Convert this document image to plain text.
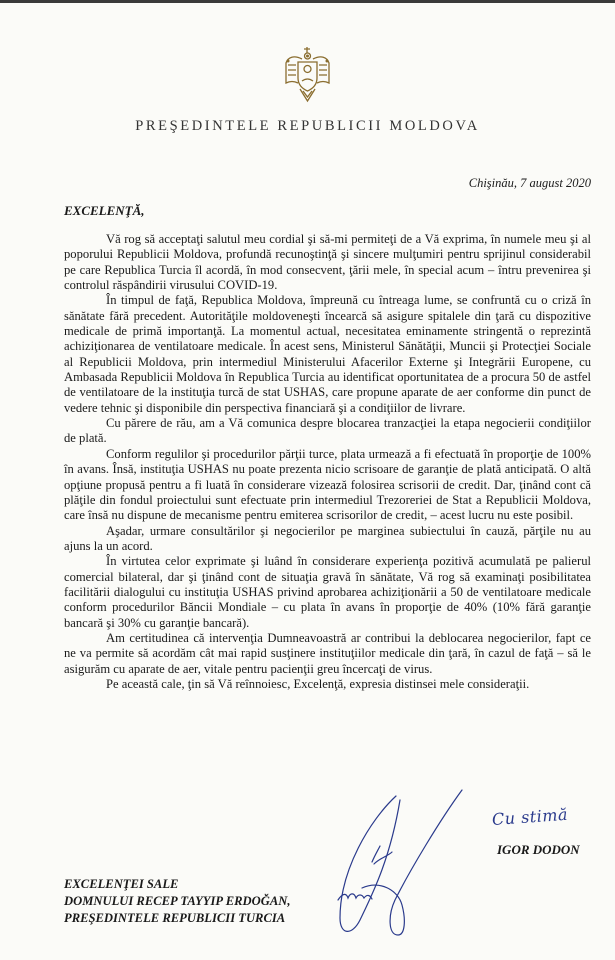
PREŞEDINTELE REPUBLICII MOLDOVA
Chişinău, 7 august 2020
EXCELENŢĂ,

Vă rog să acceptaţi salutul meu cordial şi să-mi permiteţi de a Vă exprima, în numele meu şi al poporului Republicii Moldova, profundă recunoştinţă şi sincere mulţumiri pentru sprijinul considerabil pe care Republica Turcia îl acordă, în mod consecvent, ţării mele, în special acum – întru prevenirea şi controlul răspândirii virusului COVID-19.

În timpul de faţă, Republica Moldova, împreună cu întreaga lume, se confruntă cu o criză în sănătate fără precedent. Autorităţile moldoveneşti încearcă să asigure spitalele din ţară cu dispozitive medicale de primă importanţă. La momentul actual, necesitatea eminamente stringentă o reprezintă achiziţionarea de ventilatoare medicale. În acest sens, Ministerul Sănătăţii, Muncii şi Protecţiei Sociale al Republicii Moldova, prin intermediul Ministerului Afacerilor Externe şi Integrării Europene, cu Ambasada Republicii Moldova în Republica Turcia au identificat oportunitatea de a procura 50 de astfel de ventilatoare de la instituţia turcă de stat USHAS, care propune aparate de aer conforme din punct de vedere tehnic şi disponibile din perspectiva financiară şi a condiţiilor de livrare.

Cu părere de rău, am a Vă comunica despre blocarea tranzacţiei la etapa negocierii condiţiilor de plată.

Conform regulilor şi procedurilor părţii turce, plata urmează a fi efectuată în proporţie de 100% în avans. Însă, instituţia USHAS nu poate prezenta nicio scrisoare de garanţie de plată anticipată. O altă opţiune propusă pentru a fi luată în considerare vizează folosirea scrisorii de credit. Dar, ţinând cont că plăţile din fondul proiectului sunt efectuate prin intermediul Trezoreriei de Stat a Republicii Moldova, care însă nu dispune de mecanisme pentru emiterea scrisorilor de credit, – acest lucru nu este posibil.

Aşadar, urmare consultărilor şi negocierilor pe marginea subiectului în cauză, părţile nu au ajuns la un acord.

În virtutea celor exprimate şi luând în considerare experienţa pozitivă acumulată pe palierul comercial bilateral, dar şi ţinând cont de situaţia gravă în sănătate, Vă rog să examinaţi posibilitatea facilitării dialogului cu instituţia USHAS privind aprobarea achiziţionării a 50 de ventilatoare medicale conform procedurilor Băncii Mondiale – cu plata în avans în proporţie de 40% (10% fără garanţie bancară şi 30% cu garanţie bancară).

Am certitudinea că intervenţia Dumneavoastră ar contribui la deblocarea negocierilor, fapt ce ne va permite să acordăm cât mai rapid susţinere instituţiilor medicale din ţară, în cazul de faţă – să le asigurăm cu aparate de aer, vitale pentru pacienţii greu încercaţi de virus.

Pe această cale, ţin să Vă reînnoiesc, Excelenţă, expresia distinsei mele consideraţii.

Cu stimă
IGOR DODON
EXCELENŢEI SALE
DOMNULUI RECEP TAYYIP ERDOĞAN,
PREŞEDINTELE REPUBLICII TURCIA
